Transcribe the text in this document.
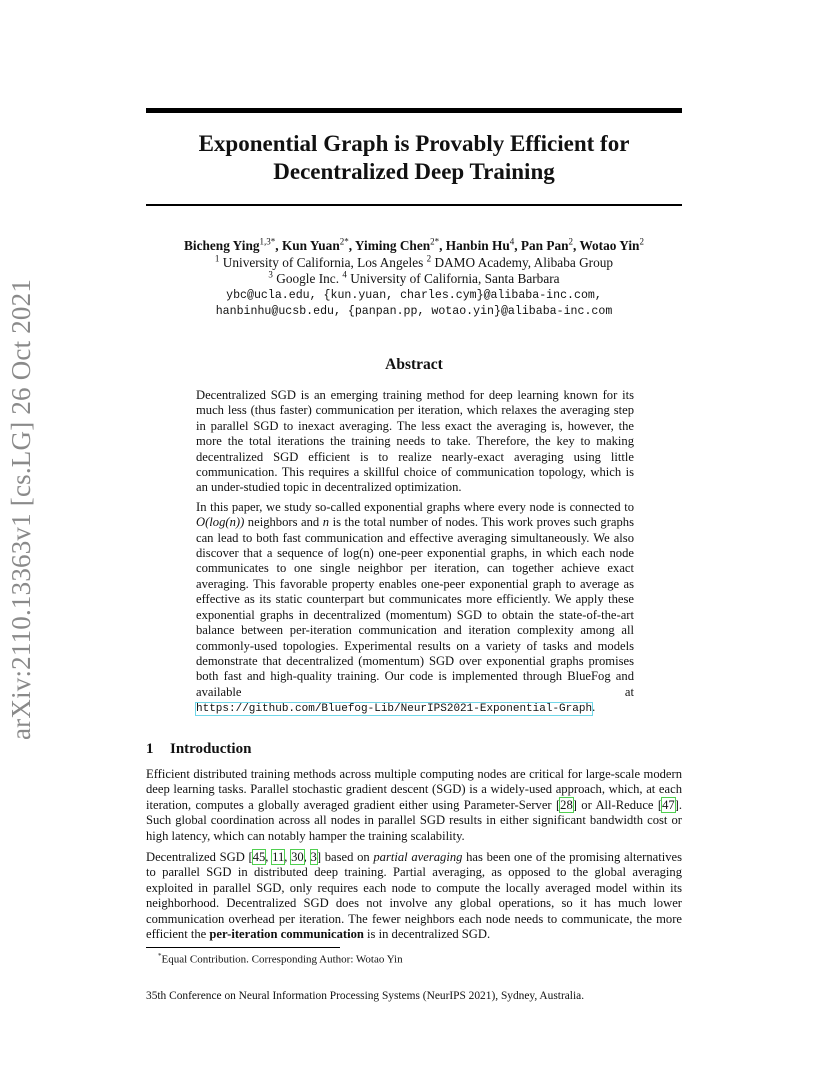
arXiv:2110.13363v1 [cs.LG] 26 Oct 2021
Exponential Graph is Provably Efficient for
Decentralized Deep Training
Bicheng Ying$^{1,3*}$, Kun Yuan$^{2*}$, Yiming Chen$^{2*}$, Hanbin Hu$^4$, Pan Pan$^2$, Wotao Yin$^2$
$^1$ University of California, Los Angeles $^2$ DAMO Academy, Alibaba Group
$^3$ Google Inc. $^4$ University of California, Santa Barbara
ybc@ucla.edu, {kun.yuan, charles.cym}@alibaba-inc.com,
hanbinhu@ucsb.edu, {panpan.pp, wotao.yin}@alibaba-inc.com
Abstract

Decentralized SGD is an emerging training method for deep learning known for its much less (thus faster) communication per iteration, which relaxes the averaging step in parallel SGD to inexact averaging. The less exact the averaging is, however, the more the total iterations the training needs to take. Therefore, the key to making decentralized SGD efficient is to realize nearly-exact averaging using little communication. This requires a skillful choice of communication topology, which is an under-studied topic in decentralized optimization.

In this paper, we study so-called exponential graphs where every node is connected to O(log(n)) neighbors and n is the total number of nodes. This work proves such graphs can lead to both fast communication and effective averaging simultaneously. We also discover that a sequence of log(n) one-peer exponential graphs, in which each node communicates to one single neighbor per iteration, can together achieve exact averaging. This favorable property enables one-peer exponential graph to average as effective as its static counterpart but communicates more efficiently. We apply these exponential graphs in decentralized (momentum) SGD to obtain the state-of-the-art balance between per-iteration communication and iteration complexity among all commonly-used topologies. Experimental results on a variety of tasks and models demonstrate that decentralized (momentum) SGD over exponential graphs promises both fast and high-quality training. Our code is implemented through BlueFog and available at https://github.com/Bluefog-Lib/NeurIPS2021-Exponential-Graph.

1 Introduction

Efficient distributed training methods across multiple computing nodes are critical for large-scale modern deep learning tasks. Parallel stochastic gradient descent (SGD) is a widely-used approach, which, at each iteration, computes a globally averaged gradient either using Parameter-Server [28] or All-Reduce [47]. Such global coordination across all nodes in parallel SGD results in either significant bandwidth cost or high latency, which can notably hamper the training scalability.

Decentralized SGD [45, 11, 30, 3] based on partial averaging has been one of the promising alternatives to parallel SGD in distributed deep training. Partial averaging, as opposed to the global averaging exploited in parallel SGD, only requires each node to compute the locally averaged model within its neighborhood. Decentralized SGD does not involve any global operations, so it has much lower communication overhead per iteration. The fewer neighbors each node needs to communicate, the more efficient the per-iteration communication is in decentralized SGD.

*Equal Contribution. Corresponding Author: Wotao Yin
35th Conference on Neural Information Processing Systems (NeurIPS 2021), Sydney, Australia.
